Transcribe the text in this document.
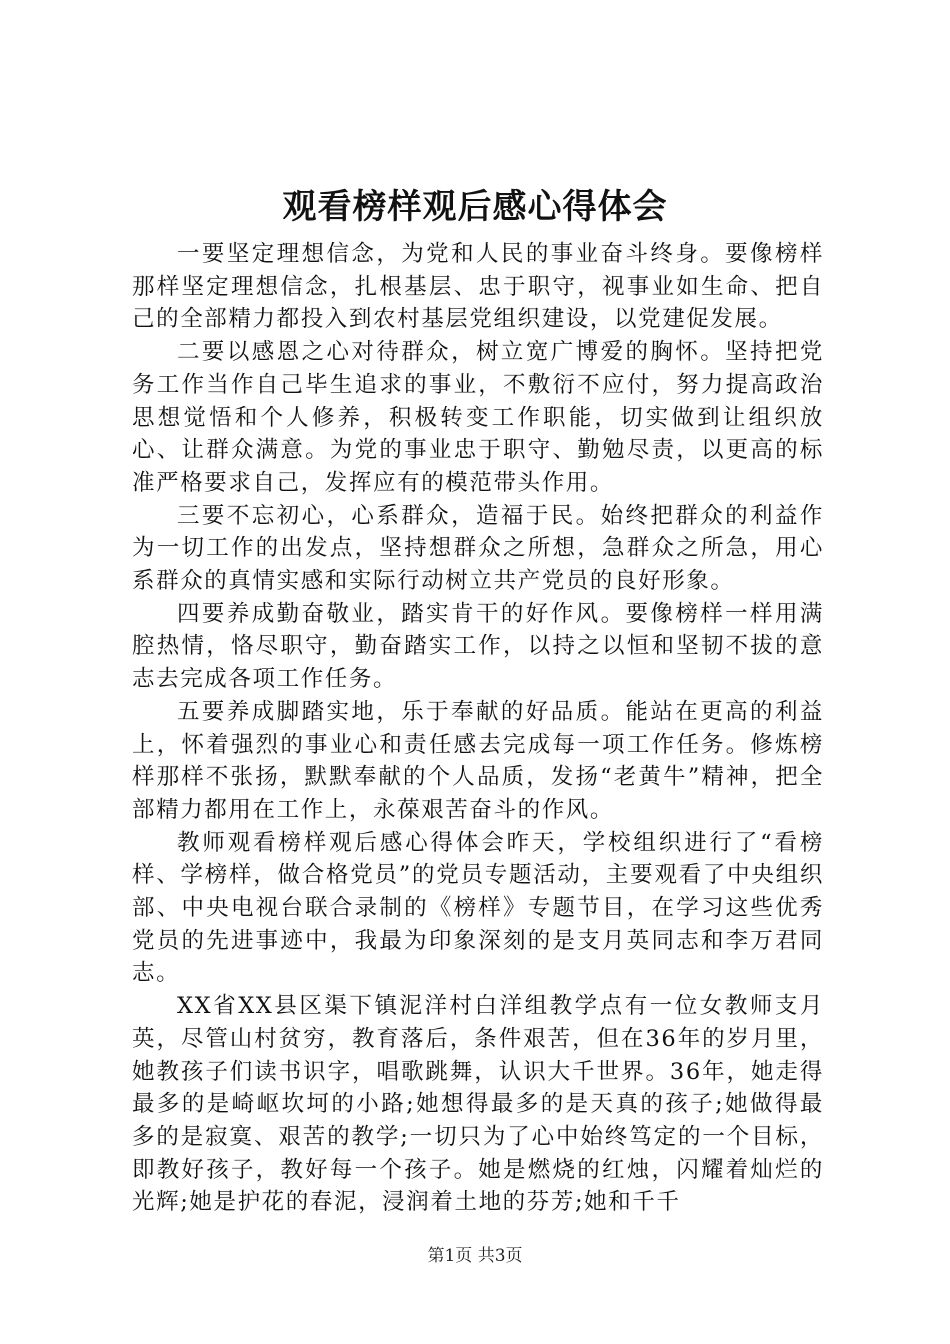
观看榜样观后感心得体会

一要坚定理想信念，为党和人民的事业奋斗终身。要像榜样那样坚定理想信念，扎根基层、忠于职守，视事业如生命、把自己的全部精力都投入到农村基层党组织建设，以党建促发展。

二要以感恩之心对待群众，树立宽广博爱的胸怀。坚持把党务工作当作自己毕生追求的事业，不敷衍不应付，努力提高政治思想觉悟和个人修养，积极转变工作职能，切实做到让组织放心、让群众满意。为党的事业忠于职守、勤勉尽责，以更高的标准严格要求自己，发挥应有的模范带头作用。

三要不忘初心，心系群众，造福于民。始终把群众的利益作为一切工作的出发点，坚持想群众之所想，急群众之所急，用心系群众的真情实感和实际行动树立共产党员的良好形象。

四要养成勤奋敬业，踏实肯干的好作风。要像榜样一样用满腔热情，恪尽职守，勤奋踏实工作，以持之以恒和坚韧不拔的意志去完成各项工作任务。

五要养成脚踏实地，乐于奉献的好品质。能站在更高的利益上，怀着强烈的事业心和责任感去完成每一项工作任务。修炼榜样那样不张扬，默默奉献的个人品质，发扬“老黄牛”精神，把全部精力都用在工作上，永葆艰苦奋斗的作风。

教师观看榜样观后感心得体会昨天，学校组织进行了“看榜样、学榜样，做合格党员”的党员专题活动，主要观看了中央组织部、中央电视台联合录制的《榜样》专题节目，在学习这些优秀党员的先进事迹中，我最为印象深刻的是支月英同志和李万君同志。

XX省XX县区渠下镇泥洋村白洋组教学点有一位女教师支月英，尽管山村贫穷，教育落后，条件艰苦，但在36年的岁月里，她教孩子们读书识字，唱歌跳舞，认识大千世界。36年，她走得最多的是崎岖坎坷的小路;她想得最多的是天真的孩子;她做得最多的是寂寞、艰苦的教学;一切只为了心中始终笃定的一个目标，即教好孩子，教好每一个孩子。她是燃烧的红烛，闪耀着灿烂的光辉;她是护花的春泥，浸润着土地的芬芳;她和千千

第1页 共3页
